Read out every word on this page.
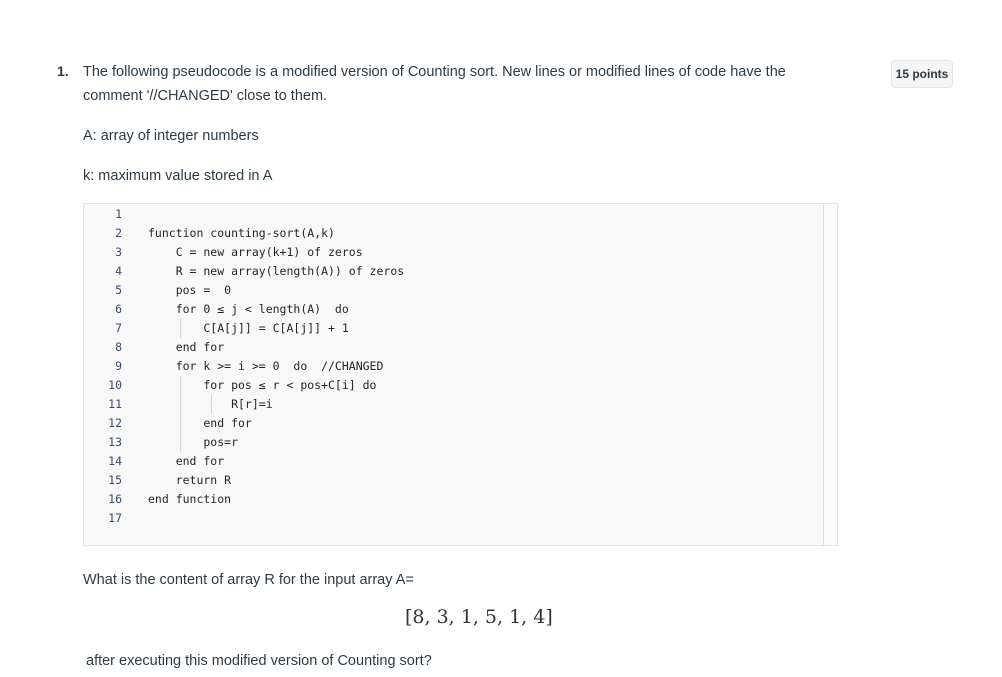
1.	15 points
The following pseudocode is a modified version of Counting sort. New lines or modified lines of code have the
comment '//CHANGED' close to them.
A: array of integer numbers
k: maximum value stored in A
1
2
3
4
5
6
7
8
9
10
11
12
13
14
15
16
17
function counting-sort(A,k)
C = new array(k+1) of zeros
R = new array(length(A)) of zeros
pos =  0
for 0 ≤ j < length(A)  do
C[A[j]] = C[A[j]] + 1
end for
for k >= i >= 0  do  //CHANGED
for pos ≤ r < pos+C[i] do
R[r]=i
end for
pos=r
end for
return R
end function
What is the content of array R for the input array A=
[8, 3, 1, 5, 1, 4]
after executing this modified version of Counting sort?
